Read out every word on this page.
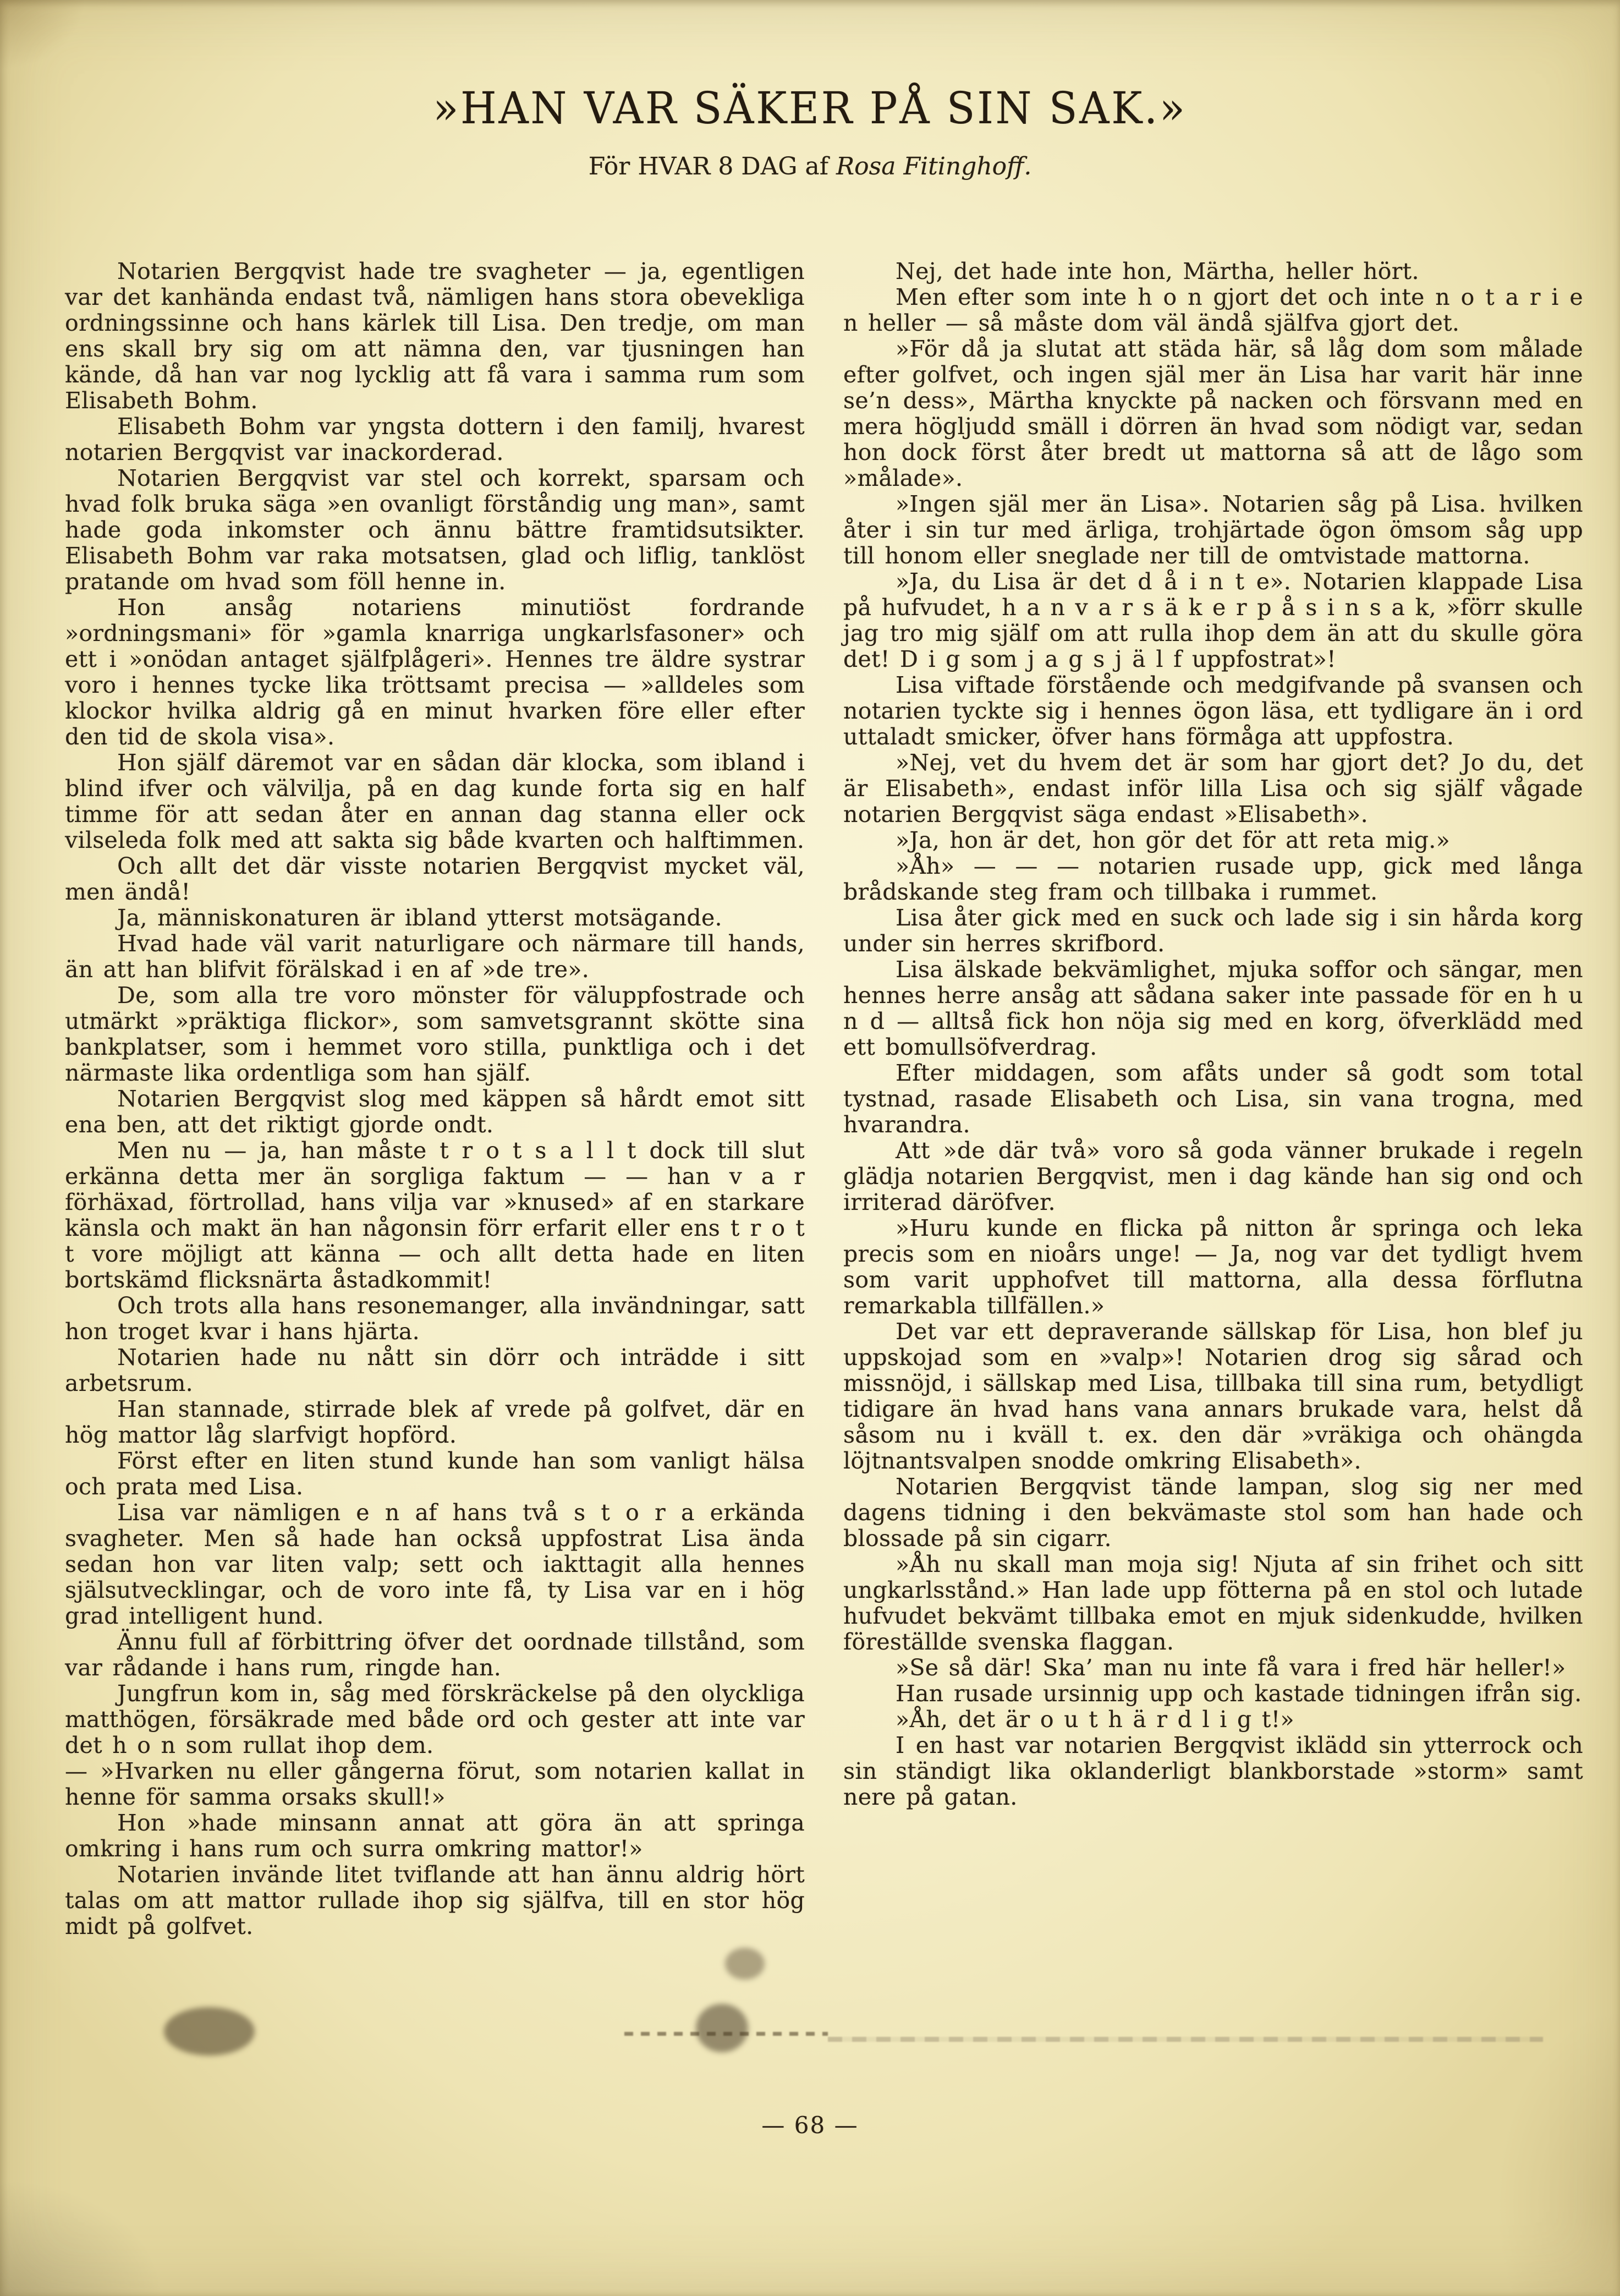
»HAN VAR SÄKER PÅ SIN SAK.»
För HVAR 8 DAG af Rosa Fitinghoff.

Notarien Bergqvist hade tre svagheter — ja, egentligen var det kanhända endast två, nämligen hans stora obevekliga ordningssinne och hans kärlek till Lisa. Den tredje, om man ens skall bry sig om att nämna den, var tjusningen han kände, då han var nog lycklig att få vara i samma rum som Elisabeth Bohm.

Elisabeth Bohm var yngsta dottern i den familj, hvarest notarien Bergqvist var inackorderad.

Notarien Bergqvist var stel och korrekt, sparsam och hvad folk bruka säga »en ovanligt förståndig ung man», samt hade goda inkomster och ännu bättre framtidsutsikter. Elisabeth Bohm var raka motsatsen, glad och liflig, tanklöst pratande om hvad som föll henne in.

Hon ansåg notariens minutiöst fordrande »ordningsmani» för »gamla knarriga ungkarlsfasoner» och ett i »onödan antaget själfplågeri». Hennes tre äldre systrar voro i hennes tycke lika tröttsamt precisa — »alldeles som klockor hvilka aldrig gå en minut hvarken före eller efter den tid de skola visa».

Hon själf däremot var en sådan där klocka, som ibland i blind ifver och välvilja, på en dag kunde forta sig en half timme för att sedan åter en annan dag stanna eller ock vilseleda folk med att sakta sig både kvarten och halftimmen.

Och allt det där visste notarien Bergqvist mycket väl, men ändå!

Ja, människonaturen är ibland ytterst motsägande.

Hvad hade väl varit naturligare och närmare till hands, än att han blifvit förälskad i en af »de tre».

De, som alla tre voro mönster för väluppfostrade och utmärkt »präktiga flickor», som samvetsgrannt skötte sina bankplatser, som i hemmet voro stilla, punktliga och i det närmaste lika ordentliga som han själf.

Notarien Bergqvist slog med käppen så hårdt emot sitt ena ben, att det riktigt gjorde ondt.

Men nu — ja, han måste t r o t s a l l t dock till slut erkänna detta mer än sorgliga faktum — — han v a r förhäxad, förtrollad, hans vilja var »knused» af en starkare känsla och makt än han någonsin förr erfarit eller ens t r o t t vore möjligt att känna — och allt detta hade en liten bortskämd flicksnärta åstadkommit!

Och trots alla hans resonemanger, alla invändningar, satt hon troget kvar i hans hjärta.

Notarien hade nu nått sin dörr och inträdde i sitt arbetsrum.

Han stannade, stirrade blek af vrede på golfvet, där en hög mattor låg slarfvigt hopförd.

Först efter en liten stund kunde han som vanligt hälsa och prata med Lisa.

Lisa var nämligen e n af hans två s t o r a erkända svagheter. Men så hade han också uppfostrat Lisa ända sedan hon var liten valp; sett och iakttagit alla hennes själsutvecklingar, och de voro inte få, ty Lisa var en i hög grad intelligent hund.

Ännu full af förbittring öfver det oordnade tillstånd, som var rådande i hans rum, ringde han.

Jungfrun kom in, såg med förskräckelse på den olyckliga matthögen, försäkrade med både ord och gester att inte var det h o n som rullat ihop dem.

— »Hvarken nu eller gångerna förut, som notarien kallat in henne för samma orsaks skull!»

Hon »hade minsann annat att göra än att springa omkring i hans rum och surra omkring mattor!»

Notarien invände litet tviflande att han ännu aldrig hört talas om att mattor rullade ihop sig själfva, till en stor hög midt på golfvet.

Nej, det hade inte hon, Märtha, heller hört.

Men efter som inte h o n gjort det och inte n o t a r i e n heller — så måste dom väl ändå själfva gjort det.

»För då ja slutat att städa här, så låg dom som målade efter golfvet, och ingen själ mer än Lisa har varit här inne se’n dess», Märtha knyckte på nacken och försvann med en mera högljudd smäll i dörren än hvad som nödigt var, sedan hon dock först åter bredt ut mattorna så att de lågo som »målade».

»Ingen själ mer än Lisa». Notarien såg på Lisa. hvilken åter i sin tur med ärliga, trohjärtade ögon ömsom såg upp till honom eller sneglade ner till de omtvistade mattorna.

»Ja, du Lisa är det d å i n t e». Notarien klappade Lisa på hufvudet, h a n v a r s ä k e r p å s i n s a k, »förr skulle jag tro mig själf om att rulla ihop dem än att du skulle göra det! D i g som j a g s j ä l f uppfostrat»!

Lisa viftade förstående och medgifvande på svansen och notarien tyckte sig i hennes ögon läsa, ett tydligare än i ord uttaladt smicker, öfver hans förmåga att uppfostra.

»Nej, vet du hvem det är som har gjort det? Jo du, det är Elisabeth», endast inför lilla Lisa och sig själf vågade notarien Bergqvist säga endast »Elisabeth».

»Ja, hon är det, hon gör det för att reta mig.»

»Åh» — — — notarien rusade upp, gick med långa brådskande steg fram och tillbaka i rummet.

Lisa åter gick med en suck och lade sig i sin hårda korg under sin herres skrifbord.

Lisa älskade bekvämlighet, mjuka soffor och sängar, men hennes herre ansåg att sådana saker inte passade för en h u n d — alltså fick hon nöja sig med en korg, öfverklädd med ett bomullsöfverdrag.

Efter middagen, som afåts under så godt som total tystnad, rasade Elisabeth och Lisa, sin vana trogna, med hvarandra.

Att »de där två» voro så goda vänner brukade i regeln glädja notarien Bergqvist, men i dag kände han sig ond och irriterad däröfver.

»Huru kunde en flicka på nitton år springa och leka precis som en nioårs unge! — Ja, nog var det tydligt hvem som varit upphofvet till mattorna, alla dessa förflutna remarkabla tillfällen.»

Det var ett depraverande sällskap för Lisa, hon blef ju uppskojad som en »valp»! Notarien drog sig sårad och missnöjd, i sällskap med Lisa, tillbaka till sina rum, betydligt tidigare än hvad hans vana annars brukade vara, helst då såsom nu i kväll t. ex. den där »vräkiga och ohängda löjtnantsvalpen snodde omkring Elisabeth».

Notarien Bergqvist tände lampan, slog sig ner med dagens tidning i den bekvämaste stol som han hade och blossade på sin cigarr.

»Åh nu skall man moja sig! Njuta af sin frihet och sitt ungkarlsstånd.» Han lade upp fötterna på en stol och lutade hufvudet bekvämt tillbaka emot en mjuk sidenkudde, hvilken föreställde svenska flaggan.

»Se så där! Ska’ man nu inte få vara i fred här heller!»

Han rusade ursinnig upp och kastade tidningen ifrån sig.

»Åh, det är o u t h ä r d l i g t!»

I en hast var notarien Bergqvist iklädd sin ytterrock och sin ständigt lika oklanderligt blankborstade »storm» samt nere på gatan.

— 68 —
